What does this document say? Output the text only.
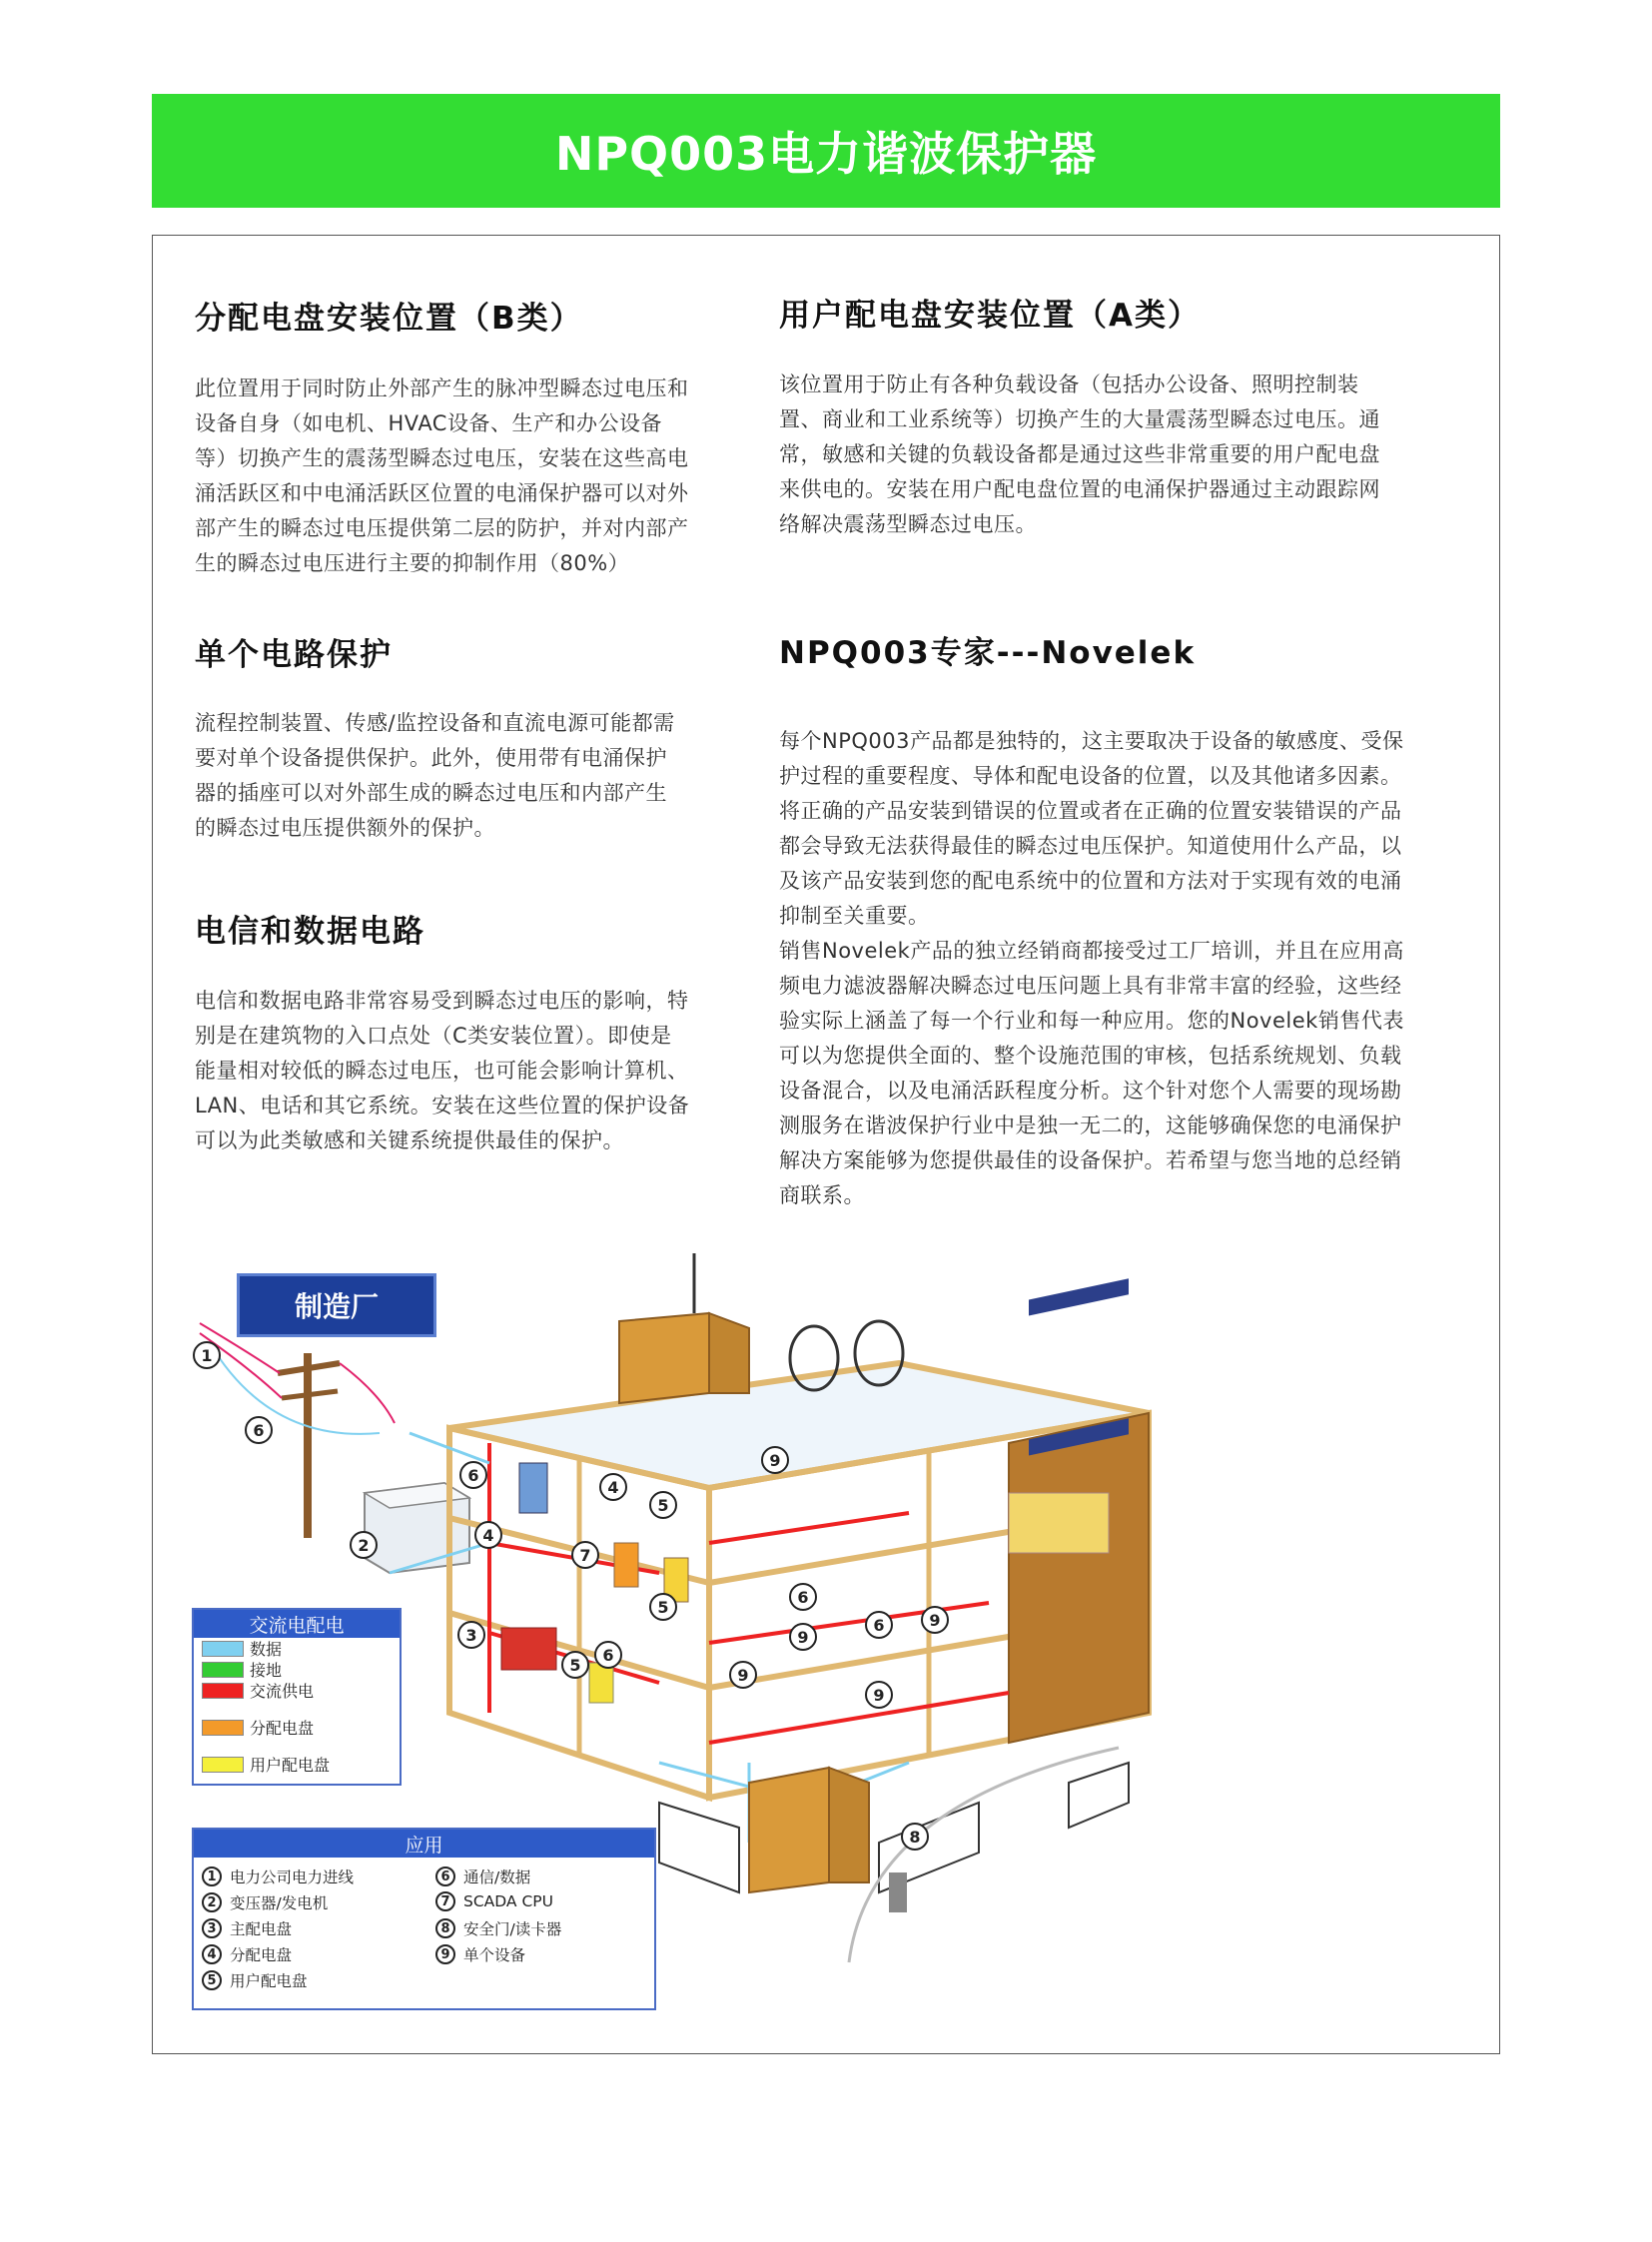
NPQ003电力谐波保护器
分配电盘安装位置（B类）

此位置用于同时防止外部产生的脉冲型瞬态过电压和

设备自身（如电机、HVAC设备、生产和办公设备

等）切换产生的震荡型瞬态过电压，安装在这些高电

涌活跃区和中电涌活跃区位置的电涌保护器可以对外

部产生的瞬态过电压提供第二层的防护，并对内部产

生的瞬态过电压进行主要的抑制作用（80%）

用户配电盘安装位置（A类）

该位置用于防止有各种负载设备（包括办公设备、照明控制装

置、商业和工业系统等）切换产生的大量震荡型瞬态过电压。通

常，敏感和关键的负载设备都是通过这些非常重要的用户配电盘

来供电的。安装在用户配电盘位置的电涌保护器通过主动跟踪网

络解决震荡型瞬态过电压。

单个电路保护

流程控制装置、传感/监控设备和直流电源可能都需

要对单个设备提供保护。此外，使用带有电涌保护

器的插座可以对外部生成的瞬态过电压和内部产生

的瞬态过电压提供额外的保护。

NPQ003专家---Novelek

每个NPQ003产品都是独特的，这主要取决于设备的敏感度、受保

护过程的重要程度、导体和配电设备的位置，以及其他诸多因素。

将正确的产品安装到错误的位置或者在正确的位置安装错误的产品

都会导致无法获得最佳的瞬态过电压保护。知道使用什么产品，以

及该产品安装到您的配电系统中的位置和方法对于实现有效的电涌

抑制至关重要。

销售Novelek产品的独立经销商都接受过工厂培训，并且在应用高

频电力滤波器解决瞬态过电压问题上具有非常丰富的经验，这些经

验实际上涵盖了每一个行业和每一种应用。您的Novelek销售代表

可以为您提供全面的、整个设施范围的审核，包括系统规划、负载

设备混合，以及电涌活跃程度分析。这个针对您个人需要的现场勘

测服务在谐波保护行业中是独一无二的，这能够确保您的电涌保护

解决方案能够为您提供最佳的设备保护。若希望与您当地的总经销

商联系。

电信和数据电路

电信和数据电路非常容易受到瞬态过电压的影响，特

别是在建筑物的入口点处（C类安装位置）。即使是

能量相对较低的瞬态过电压，也可能会影响计算机、

LAN、电话和其它系统。安装在这些位置的保护设备

可以为此类敏感和关键系统提供最佳的保护。

制造厂
1
6
2
3
6
4
4
5
7
5
5
6
9
6
9
6	9
9
9
8
交流电配电
数据
接地
交流供电
分配电盘
用户配电盘
应用
1 电力公司电力进线
2 变压器/发电机
3 主配电盘
4 分配电盘
5 用户配电盘
6 通信/数据
7 SCADA CPU
8 安全门/读卡器
9 单个设备
